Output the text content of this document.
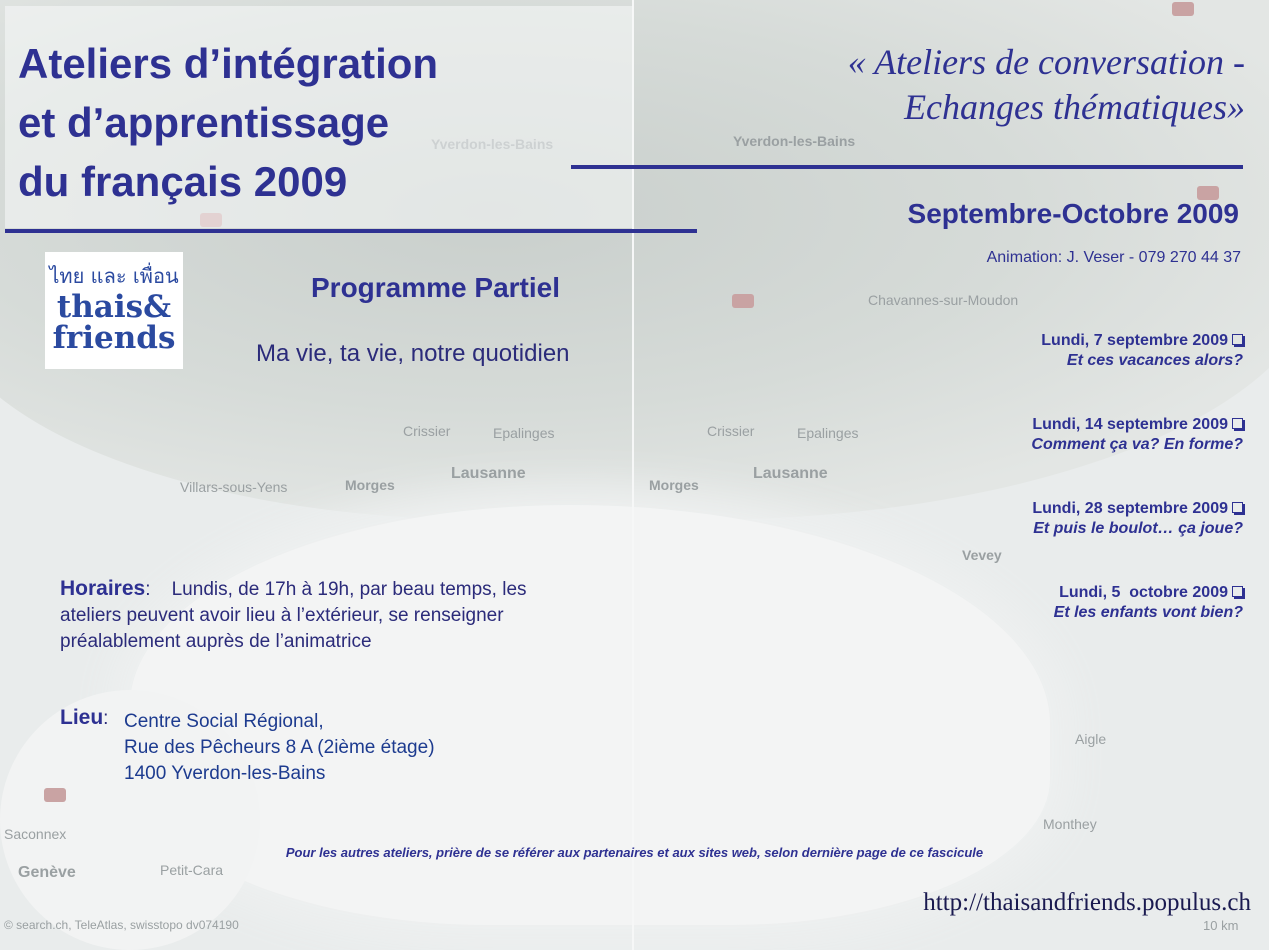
Yverdon-les-Bains
Chavannes-sur-Moudon
Lausanne	Lausanne
Morges	Morges
Crissier	Crissier
Epalinges	Epalinges
Villars-sous-Yens
Vevey
Aigle
Monthey
Genève	Petit-Cara
Saconnex
© search.ch, TeleAtlas, swisstopo dv074190	10 km
Ateliers d’intégration
et d’apprentissage
du français 2009
« Ateliers de conversation -
Echanges thématiques»
Septembre-Octobre 2009
Animation: J. Veser - 079 270 44 37
ไทย และ เพื่อน
thais&
friends
Programme Partiel
Ma vie, ta vie, notre quotidien	Lundi, 7 septembre 2009
Et ces vacances alors?
Lundi, 14 septembre 2009
Comment ça va? En forme?
Lundi, 28 septembre 2009
Et puis le boulot… ça joue?
Lundi, 5  octobre 2009
Et les enfants vont bien?
Horaires:    Lundis, de 17h à 19h, par beau temps, les ateliers peuvent avoir lieu à l’extérieur, se renseigner préalablement auprès de l’animatrice
Lieu: Centre Social Régional,
Rue des Pêcheurs 8 A (2ième étage)
1400 Yverdon-les-Bains
Pour les autres ateliers, prière de se référer aux partenaires et aux sites web, selon dernière page de ce fascicule
http://thaisandfriends.populus.ch
